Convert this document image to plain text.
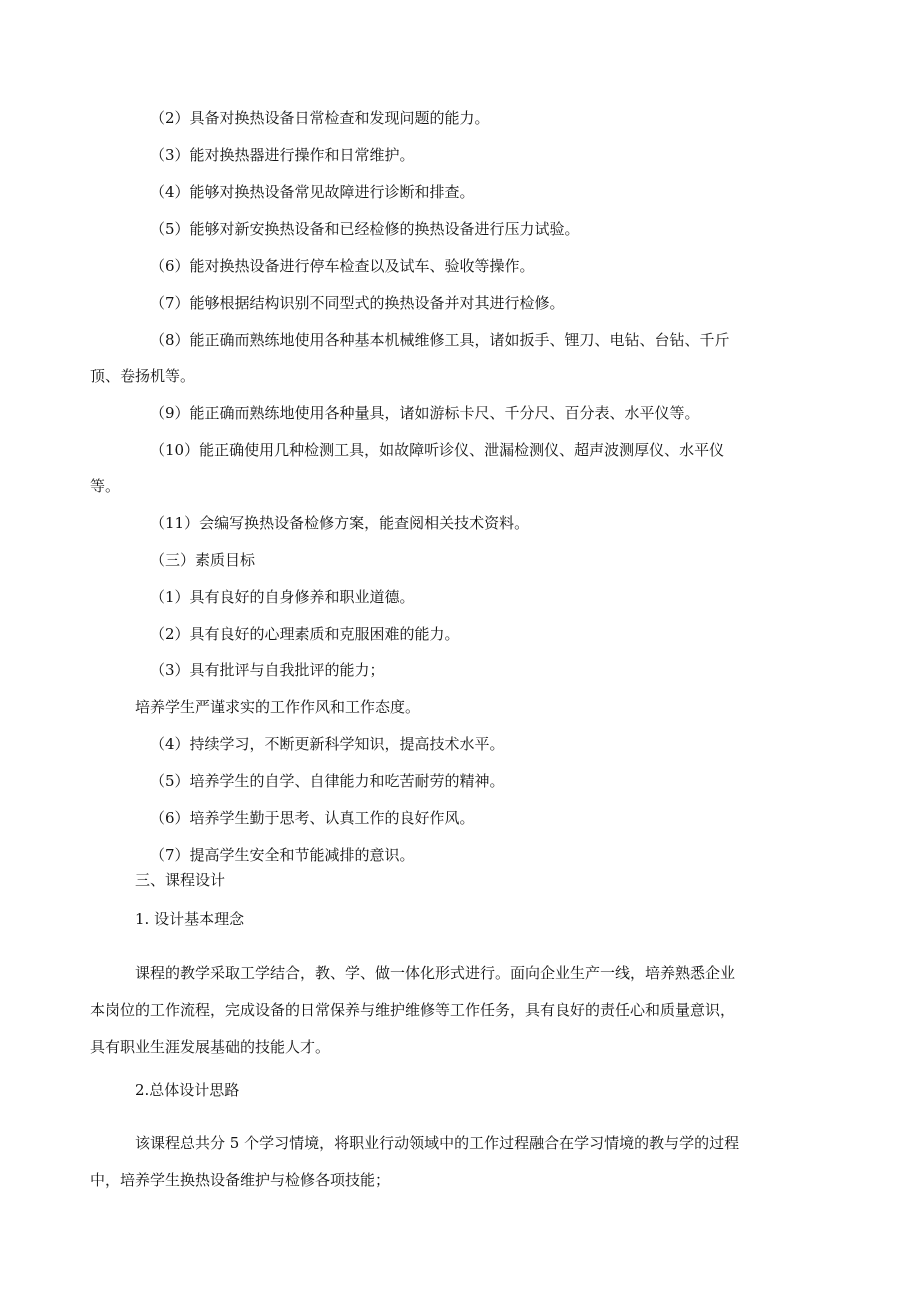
（2）具备对换热设备日常检查和发现问题的能力。
（3）能对换热器进行操作和日常维护。
（4）能够对换热设备常见故障进行诊断和排查。
（5）能够对新安换热设备和已经检修的换热设备进行压力试验。
（6）能对换热设备进行停车检查以及试车、验收等操作。
（7）能够根据结构识别不同型式的换热设备并对其进行检修。
（8）能正确而熟练地使用各种基本机械维修工具，诸如扳手、锂刀、电钻、台钻、千斤
顶、卷扬机等。
（9）能正确而熟练地使用各种量具，诸如游标卡尺、千分尺、百分表、水平仪等。
（10）能正确使用几种检测工具，如故障听诊仪、泄漏检测仪、超声波测厚仪、水平仪
等。
（11）会编写换热设备检修方案，能查阅相关技术资料。
（三）素质目标
（1）具有良好的自身修养和职业道德。
（2）具有良好的心理素质和克服困难的能力。
（3）具有批评与自我批评的能力；
培养学生严谨求实的工作作风和工作态度。
（4）持续学习，不断更新科学知识，提高技术水平。
（5）培养学生的自学、自律能力和吃苦耐劳的精神。
（6）培养学生勤于思考、认真工作的良好作风。
（7）提高学生安全和节能减排的意识。
三、课程设计
1. 设计基本理念
课程的教学采取工学结合，教、学、做一体化形式进行。面向企业生产一线，培养熟悉企业
本岗位的工作流程，完成设备的日常保养与维护维修等工作任务，具有良好的责任心和质量意识，
具有职业生涯发展基础的技能人才。
2.总体设计思路
该课程总共分 5 个学习情境，将职业行动领域中的工作过程融合在学习情境的教与学的过程
中，培养学生换热设备维护与检修各项技能；
